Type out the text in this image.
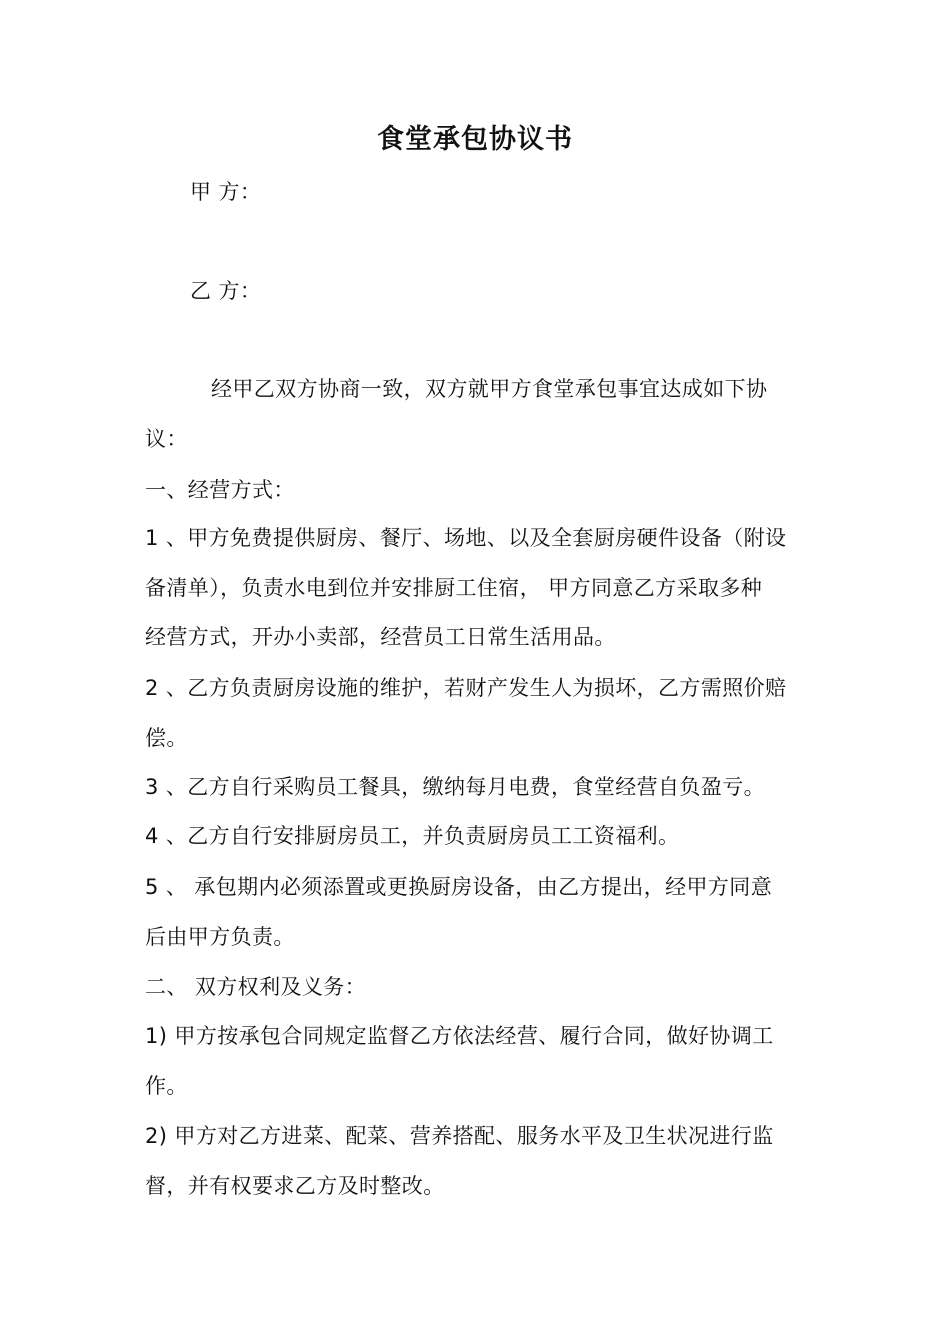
食堂承包协议书
甲 方：
乙 方：
经甲乙双方协商一致，双方就甲方食堂承包事宜达成如下协
议：
一、经营方式：
1 、甲方免费提供厨房、餐厅、场地、以及全套厨房硬件设备（附设
备清单），负责水电到位并安排厨工住宿， 甲方同意乙方采取多种
经营方式，开办小卖部，经营员工日常生活用品。
2 、乙方负责厨房设施的维护，若财产发生人为损坏，乙方需照价赔
偿。
3 、乙方自行采购员工餐具，缴纳每月电费，食堂经营自负盈亏。
4 、乙方自行安排厨房员工，并负责厨房员工工资福利。
5 、 承包期内必须添置或更换厨房设备，由乙方提出，经甲方同意
后由甲方负责。
二、 双方权利及义务：
1) 甲方按承包合同规定监督乙方依法经营、履行合同，做好协调工
作。
2) 甲方对乙方进菜、配菜、营养搭配、服务水平及卫生状况进行监
督，并有权要求乙方及时整改。
